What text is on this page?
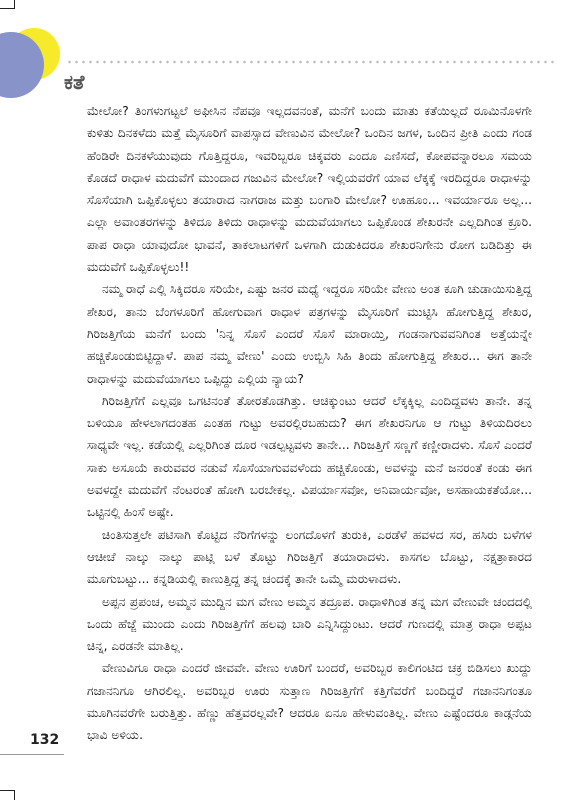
ಕತೆ

ಮೇಲೋ? ತಿಂಗಳುಗಟ್ಟಲೆ ಅಫೀಸಿನ ನೆಪವೂ ಇಲ್ಲದವನಂತೆ, ಮನೆಗೆ ಬಂದು ಮಾತು ಕತೆಯಿಲ್ಲದೆ ರೂಮಿನೊಳಗೇ ಕುಳಿತು ದಿನಕಳೆದು ಮತ್ತೆ ಮೈಸೂರಿಗೆ ವಾಪಸ್ಸಾದ ವೇಣುವಿನ ಮೇಲೋ? ಒಂದಿನ ಜಗಳ, ಒಂದಿನ ಪ್ರೀತಿ ಎಂದು ಗಂಡ ಹೆಂಡಿರೇ ದಿನಕಳೆಯುವುದು ಗೊತ್ತಿದ್ದರೂ, ಇವರಿಬ್ಬರೂ ಚಿಕ್ಕವರು ಎಂದೂ ಎಣಿಸದೆ, ಕೋಪವನ್ನಾರಲೂ ಸಮಯ ಕೊಡದೆ ರಾಧಾಳ ಮದುವೆಗೆ ಮುಂದಾದ ಗಜುವಿನ ಮೇಲೋ? ಇಲ್ಲಿಯವರೆಗೆ ಯಾವ ಲೆಕ್ಕಕ್ಕೆ ಇರದಿದ್ದರೂ ರಾಧಾಳನ್ನು ಸೊಸೆಯಾಗಿ ಒಪ್ಪಿಕೊಳ್ಳಲು ತಯಾರಾದ ನಾಗರಾಜ ಮತ್ತು ಬಂಗಾರಿ ಮೇಲೋ? ಊಹೂಂ... ಇವರ್ಯಾರೂ ಅಲ್ಲ... ಎಲ್ಲಾ ಅವಾಂತರಗಳನ್ನು ತಿಳಿದೂ ತಿಳಿದು ರಾಧಾಳನ್ನು ಮದುವೆಯಾಗಲು ಒಪ್ಪಿಕೊಂಡ ಶೇಖರನೇ ಎಲ್ಲದಿಗಿಂತ ಕ್ರೂರಿ. ಪಾಪ ರಾಧಾ ಯಾವುದೋ ಭಾವನೆ, ತಾಕಲಾಟಗಳಿಗೆ ಒಳಗಾಗಿ ದುಡುಕಿದರೂ ಶೇಖರನಿಗೇನು ರೋಗ ಬಡಿದಿತ್ತು ಈ ಮದುವೆಗೆ ಒಪ್ಪಿಕೊಳ್ಳಲು!!

ನಮ್ಮ ರಾಧೆ ಎಲ್ಲಿ ಸಿಕ್ಕಿದರೂ ಸರಿಯೇ, ಎಷ್ಟು ಜನರ ಮಧ್ಯೆ ಇದ್ದರೂ ಸರಿಯೇ ವೇಣು ಅಂತ ಕೂಗಿ ಚುಡಾಯಿಸುತ್ತಿದ್ದ ಶೇಖರ, ತಾನು ಬೆಂಗಳೂರಿಗೆ ಹೋಗುವಾಗ ರಾಧಾಳ ಪತ್ರಗಳನ್ನು ಮೈಸೂರಿಗೆ ಮುಟ್ಟಿಸಿ ಹೋಗುತ್ತಿದ್ದ ಶೇಖರ, ಗಿರಿಜತ್ತಿಗೆಯ ಮನೆಗೆ ಬಂದು 'ನಿನ್ನ ಸೊಸೆ ಎಂದರೆ ಸೊಸೆ ಮಾರಾಯ್ತಿ, ಗಂಡನಾಗುವವನಿಗಿಂತ ಅತ್ತೆಯನ್ನೇ ಹಚ್ಚಿಕೊಂಡುಬಿಟ್ಟಿದ್ದಾಳೆ. ಪಾಪ ನಮ್ಮ ವೇಣು' ಎಂದು ಉಬ್ಬಿಸಿ ಸಿಹಿ ತಿಂದು ಹೋಗುತ್ತಿದ್ದ ಶೇಖರ... ಈಗ ತಾನೇ ರಾಧಾಳನ್ನು ಮದುವೆಯಾಗಲು ಒಪ್ಪಿದ್ದು ಎಲ್ಲಿಯ ನ್ಯಾಯ?

ಗಿರಿಜತ್ತಿಗೆಗೆ ಎಲ್ಲವೂ ಒಗಟಿನಂತೆ ತೋರತೊಡಗಿತ್ತು. ಆಚಿಕ್ಕುಂಟು ಆದರೆ ಲೆಕ್ಕಕ್ಕಿಲ್ಲ ಎಂದಿದ್ದವಳು ತಾನೇ. ತನ್ನ ಬಳಿಯೂ ಹೇಳಲಾಗದಂತಹ ಎಂತಹ ಗುಟ್ಟು ಅವರಲ್ಲಿರಬಹುದು? ಈಗ ಶೇಖರನಿಗೂ ಆ ಗುಟ್ಟು ತಿಳಿಯದಿರಲು ಸಾಧ್ಯವೇ ಇಲ್ಲ. ಕಡೆಯಲ್ಲಿ ಎಲ್ಲರಿಗಿಂತ ದೂರ ಇಡಲ್ಪಟ್ಟವಳು ತಾನೇ... ಗಿರಿಜತ್ತಿಗೆ ಸಣ್ಣಗೆ ಕಣ್ಣೀರಾದಳು. ಸೊಸೆ ಎಂದರೆ ಸಾಕು ಅಸೂಯೆ ಕಾರುವವರ ನಡುವೆ ಸೊಸೆಯಾಗುವವಳೆಂದು ಹಚ್ಚಿಕೊಂಡು, ಅವಳನ್ನು ಮನೆ ಜನರಂತೆ ಕಂಡು ಈಗ ಅವಳದ್ದೇ ಮದುವೆಗೆ ನೆಂಟರಂತೆ ಹೋಗಿ ಬರಬೇಕಲ್ಲ. ವಿಪರ್ಯಾಸವೋ, ಅನಿವಾರ್ಯವೋ, ಅಸಹಾಯಕತೆಯೋ... ಒಟ್ಟಿನಲ್ಲಿ ಹಿಂಸೆ ಅಷ್ಟೇ.

ಚಿಂತಿಸುತ್ತಲೇ ಪಟಿಸಾಗಿ ಕೊಟ್ಟಿದ ನೆರಿಗೆಗಳನ್ನು ಲಂಗದೊಳಗೆ ತುರುಕಿ, ಎರಡೆಳೆ ಹವಳದ ಸರ, ಹಸಿರು ಬಳೆಗಳ ಆಚೀಚೆ ನಾಲ್ಕು ನಾಲ್ಕು ಪಾಟ್ಲಿ ಬಳೆ ತೊಟ್ಟು ಗಿರಿಜತ್ತಿಗೆ ತಯಾರಾದಳು. ಕಾಸಗಲ ಬೊಟ್ಟು, ನಕ್ಷತ್ರಾಕಾರದ ಮೂಗುಬಟ್ಟು... ಕನ್ನಡಿಯಲ್ಲಿ ಕಾಣುತ್ತಿದ್ದ ತನ್ನ ಚಂದಕ್ಕೆ ತಾನೇ ಒಮ್ಮೆ ಮರುಳಾದಳು.

ಅಪ್ಪನ ಪ್ರಪಂಚ, ಅಮ್ಮನ ಮುದ್ದಿನ ಮಗ ವೇಣು ಅಮ್ಮನ ತದ್ರೂಪ. ರಾಧಾಳಿಗಿಂತ ತನ್ನ ಮಗ ವೇಣುವೇ ಚಂದದಲ್ಲಿ ಒಂದು ಹೆಜ್ಜೆ ಮುಂದು ಎಂದು ಗಿರಿಜತ್ತಿಗೆಗೆ ಹಲವು ಬಾರಿ ಎನ್ನಿಸಿದ್ದುಂಟು. ಆದರೆ ಗುಣದಲ್ಲಿ ಮಾತ್ರ ರಾಧಾ ಅಪ್ಪಟ ಚಿನ್ನ, ಎರಡನೇ ಮಾತಿಲ್ಲ.

ವೇಣುವಿಗೂ ರಾಧಾ ಎಂದರೆ ಜೀವವೇ. ವೇಣು ಊರಿಗೆ ಬಂದರೆ, ಅವರಿಬ್ಬರ ಕಾಲಿಗಂಟಿದ ಚಕ್ರ ಬಿಡಿಸಲು ಖುದ್ದು ಗಜಾನನಿಗೂ ಆಗಿರಲಿಲ್ಲ. ಅವರಿಬ್ಬರ ಊರು ಸುತ್ತಾಣ ಗಿರಿಜತ್ತಿಗೆಗೆ ಕತ್ತಿಗೆವರೆಗೆ ಬಂದಿದ್ದರೆ ಗಜಾನನಿಗಂತೂ ಮೂಗಿನವರೆಗೇ ಬರುತ್ತಿತ್ತು. ಹೆಣ್ಣು ಹೆತ್ತವರಲ್ಲವೇ? ಆದರೂ ಏನೂ ಹೇಳುವಂತಿಲ್ಲ. ವೇಣು ಎಷ್ಟೆಂದರೂ ಕಾಡ್ಗನೆಯ ಭಾವಿ ಅಳಿಯ.

132
